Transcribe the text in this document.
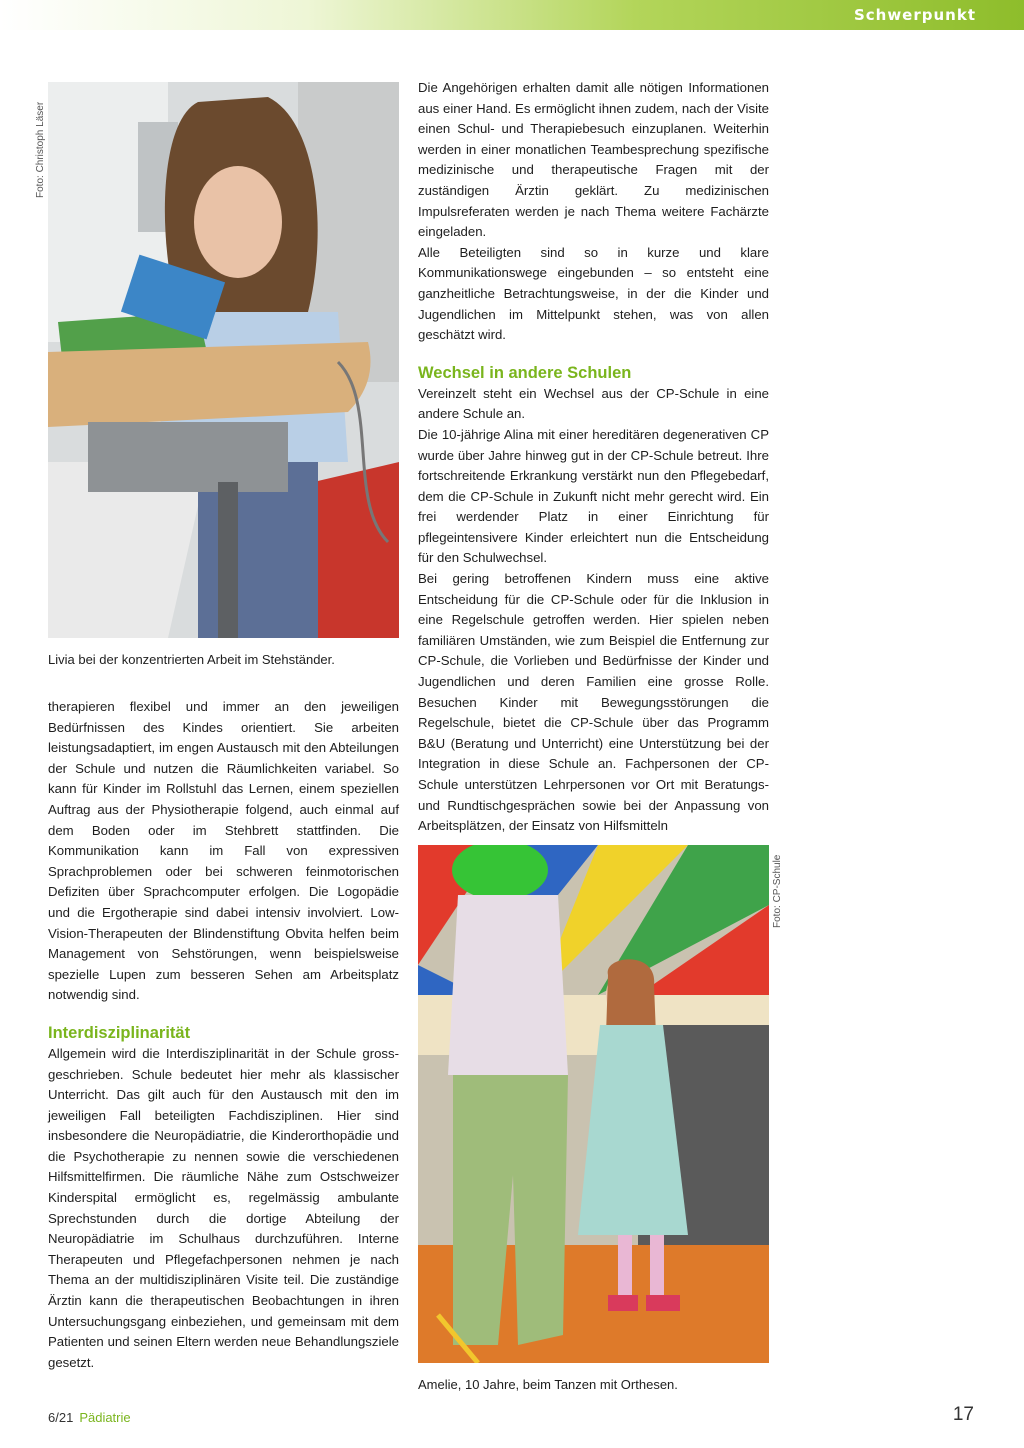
Schwerpunkt
Foto: Christoph Läser
Livia bei der konzentrierten Arbeit im Stehständer.

therapieren flexibel und immer an den jeweiligen Bedürfnissen des Kindes orientiert. Sie arbeiten leistungsadaptiert, im engen Austausch mit den Abteilungen der Schule und nutzen die Räumlichkeiten variabel. So kann für Kinder im Rollstuhl das Lernen, einem speziellen Auftrag aus der Physiotherapie folgend, auch einmal auf dem Boden oder im Stehbrett stattfinden. Die Kommunikation kann im Fall von expressiven Sprachproblemen oder bei schweren feinmotorischen Defiziten über Sprachcomputer erfolgen. Die Logopädie und die Ergotherapie sind dabei intensiv involviert. Low-Vision-Therapeuten der Blindenstiftung Obvita helfen beim Management von Sehstörungen, wenn beispielsweise spezielle Lupen zum besseren Sehen am Arbeitsplatz notwendig sind.

Interdisziplinarität

Allgemein wird die Interdisziplinarität in der Schule gross-geschrieben. Schule bedeutet hier mehr als klassischer Unterricht. Das gilt auch für den Austausch mit den im jeweiligen Fall beteiligten Fachdisziplinen. Hier sind insbesondere die Neuropädiatrie, die Kinderorthopädie und die Psychotherapie zu nennen sowie die verschiedenen Hilfsmittelfirmen. Die räumliche Nähe zum Ostschweizer Kinderspital ermöglicht es, regelmässig ambulante Sprechstunden durch die dortige Abteilung der Neuropädiatrie im Schulhaus durchzuführen. Interne Therapeuten und Pflegefachpersonen nehmen je nach Thema an der multidisziplinären Visite teil. Die zuständige Ärztin kann die therapeutischen Beobachtungen in ihren Untersuchungsgang einbeziehen, und gemeinsam mit dem Patienten und seinen Eltern werden neue Behandlungsziele gesetzt.

Die Angehörigen erhalten damit alle nötigen Informationen aus einer Hand. Es ermöglicht ihnen zudem, nach der Visite einen Schul- und Therapiebesuch einzuplanen. Weiterhin werden in einer monatlichen Teambesprechung spezifische medizinische und therapeutische Fragen mit der zuständigen Ärztin geklärt. Zu medizinischen Impulsreferaten werden je nach Thema weitere Fachärzte eingeladen.

Alle Beteiligten sind so in kurze und klare Kommunikationswege eingebunden – so entsteht eine ganzheitliche Betrachtungsweise, in der die Kinder und Jugendlichen im Mittelpunkt stehen, was von allen geschätzt wird.

Wechsel in andere Schulen

Vereinzelt steht ein Wechsel aus der CP-Schule in eine andere Schule an.

Die 10-jährige Alina mit einer hereditären degenerativen CP wurde über Jahre hinweg gut in der CP-Schule betreut. Ihre fortschreitende Erkrankung verstärkt nun den Pflegebedarf, dem die CP-Schule in Zukunft nicht mehr gerecht wird. Ein frei werdender Platz in einer Einrichtung für pflegeintensivere Kinder erleichtert nun die Entscheidung für den Schulwechsel.

Bei gering betroffenen Kindern muss eine aktive Entscheidung für die CP-Schule oder für die Inklusion in eine Regelschule getroffen werden. Hier spielen neben familiären Umständen, wie zum Beispiel die Entfernung zur CP-Schule, die Vorlieben und Bedürfnisse der Kinder und Jugendlichen und deren Familien eine grosse Rolle. Besuchen Kinder mit Bewegungsstörungen die Regelschule, bietet die CP-Schule über das Programm B&U (Beratung und Unterricht) eine Unterstützung bei der Integration in diese Schule an. Fachpersonen der CP-Schule unterstützen Lehrpersonen vor Ort mit Beratungs- und Rundtischgesprächen sowie bei der Anpassung von Arbeitsplätzen, der Einsatz von Hilfsmitteln

Foto: CP-Schule
Amelie, 10 Jahre, beim Tanzen mit Orthesen.
6/21 Pädiatrie	17
